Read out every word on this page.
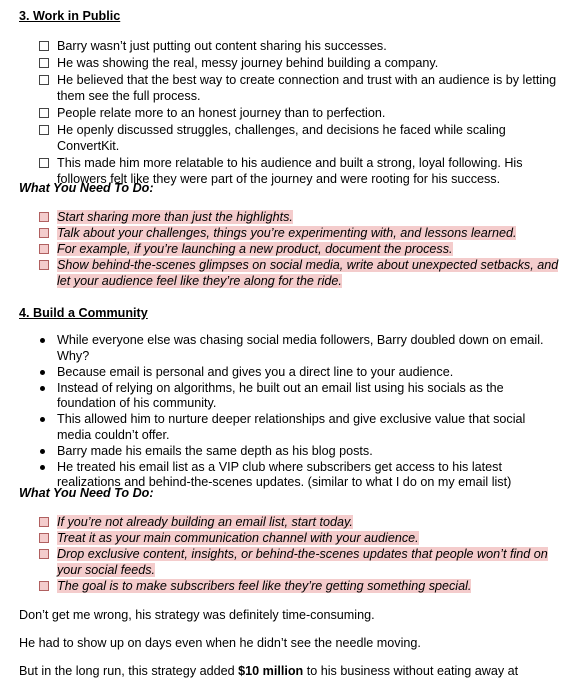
3. Work in Public
Barry wasn’t just putting out content sharing his successes.
He was showing the real, messy journey behind building a company.
He believed that the best way to create connection and trust with an audience is by letting them see the full process.
People relate more to an honest journey than to perfection.
He openly discussed struggles, challenges, and decisions he faced while scaling ConvertKit.
This made him more relatable to his audience and built a strong, loyal following. His followers felt like they were part of the journey and were rooting for his success.
What You Need To Do:
Start sharing more than just the highlights.
Talk about your challenges, things you’re experimenting with, and lessons learned.
For example, if you’re launching a new product, document the process.
Show behind-the-scenes glimpses on social media, write about unexpected setbacks, and let your audience feel like they’re along for the ride.
4. Build a Community
While everyone else was chasing social media followers, Barry doubled down on email. Why?
Because email is personal and gives you a direct line to your audience.
Instead of relying on algorithms, he built out an email list using his socials as the foundation of his community.
This allowed him to nurture deeper relationships and give exclusive value that social media couldn’t offer.
Barry made his emails the same depth as his blog posts.
He treated his email list as a VIP club where subscribers get access to his latest realizations and behind-the-scenes updates. (similar to what I do on my email list)
What You Need To Do:
If you’re not already building an email list, start today.
Treat it as your main communication channel with your audience.
Drop exclusive content, insights, or behind-the-scenes updates that people won’t find on your social feeds.
The goal is to make subscribers feel like they’re getting something special.
Don’t get me wrong, his strategy was definitely time-consuming.
He had to show up on days even when he didn’t see the needle moving.
But in the long run, this strategy added $10 million to his business without eating away at
